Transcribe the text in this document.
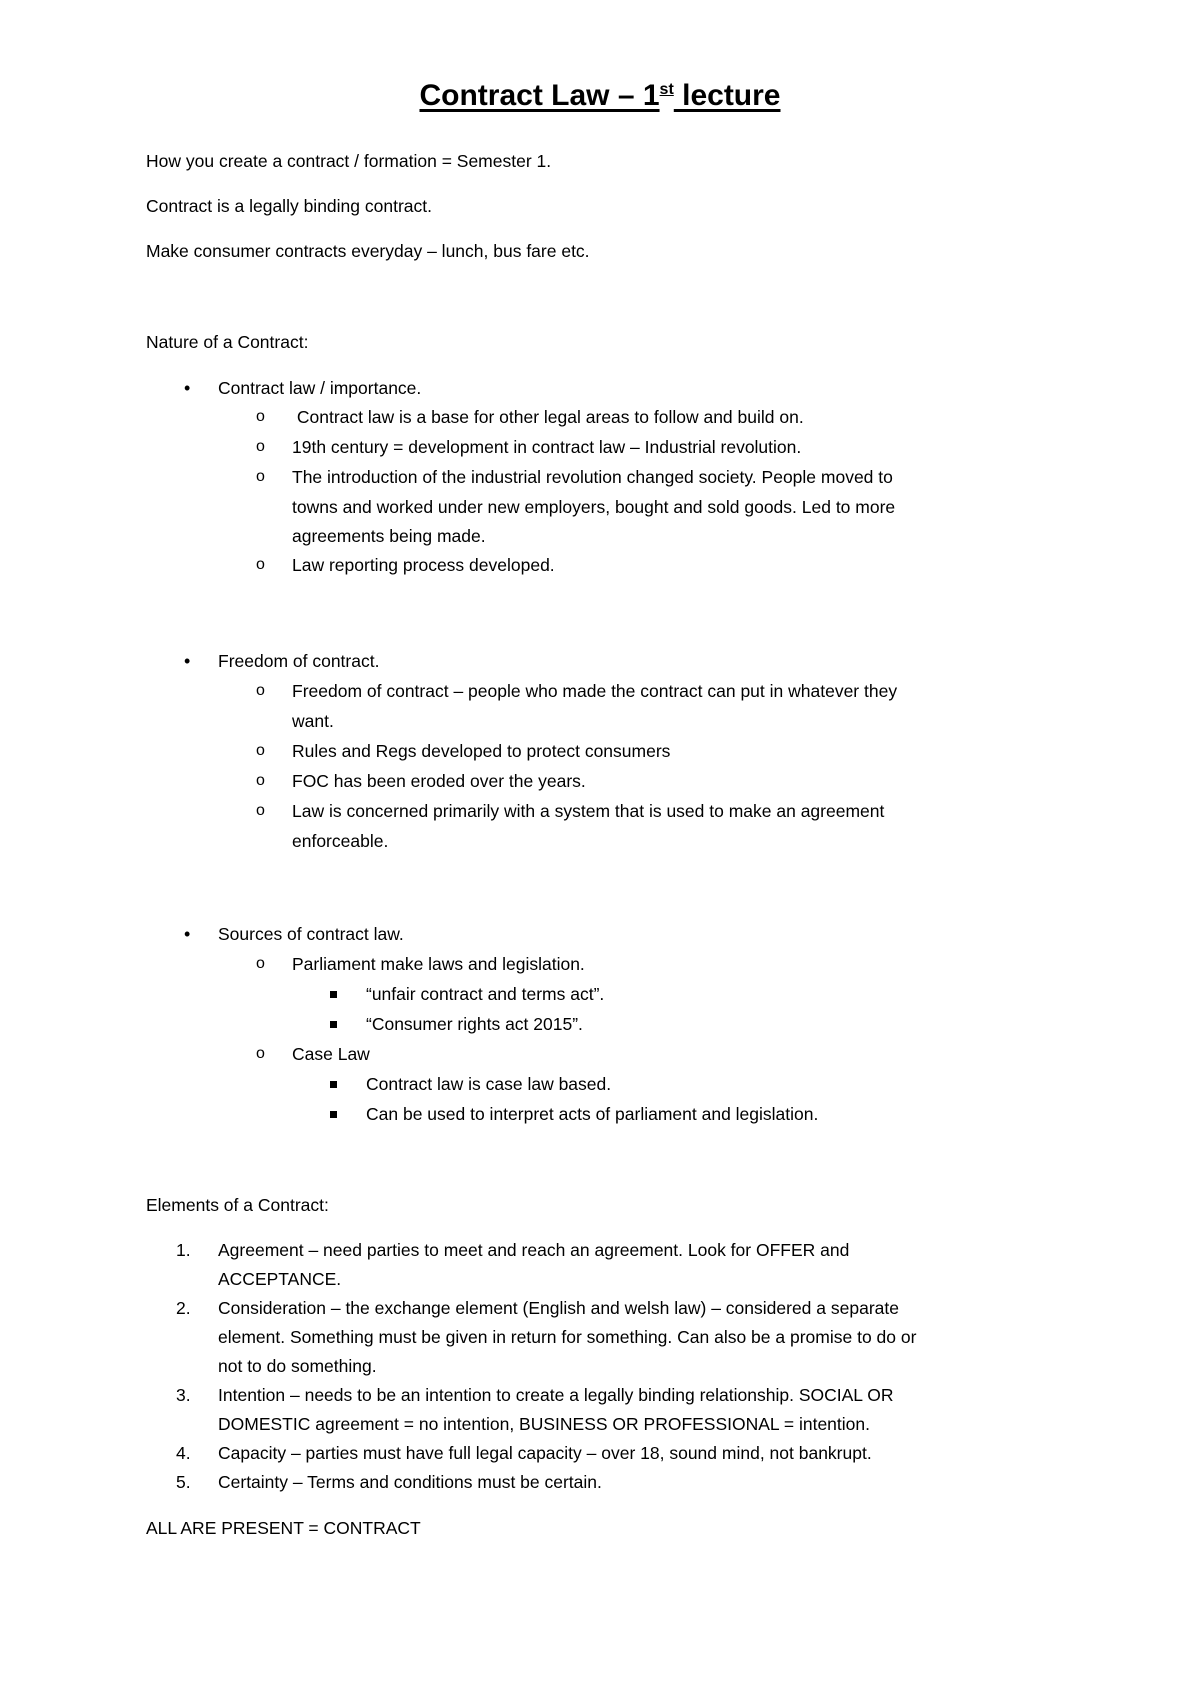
Contract Law – 1st lecture
How you create a contract / formation = Semester 1.
Contract is a legally binding contract.
Make consumer contracts everyday – lunch, bus fare etc.
Nature of a Contract:
• Contract law / importance.
o Contract law is a base for other legal areas to follow and build on.
o 19th century = development in contract law – Industrial revolution.
o The introduction of the industrial revolution changed society. People moved to
towns and worked under new employers, bought and sold goods. Led to more
agreements being made.
o Law reporting process developed.
• Freedom of contract.
o Freedom of contract – people who made the contract can put in whatever they
want.
o Rules and Regs developed to protect consumers
o FOC has been eroded over the years.
o Law is concerned primarily with a system that is used to make an agreement
enforceable.
• Sources of contract law.
o Parliament make laws and legislation.
“unfair contract and terms act”.
“Consumer rights act 2015”.
o Case Law
Contract law is case law based.
Can be used to interpret acts of parliament and legislation.
Elements of a Contract:
1. Agreement – need parties to meet and reach an agreement. Look for OFFER and
ACCEPTANCE.
2. Consideration – the exchange element (English and welsh law) – considered a separate
element. Something must be given in return for something. Can also be a promise to do or
not to do something.
3. Intention – needs to be an intention to create a legally binding relationship. SOCIAL OR
DOMESTIC agreement = no intention, BUSINESS OR PROFESSIONAL = intention.
4. Capacity – parties must have full legal capacity – over 18, sound mind, not bankrupt.
5. Certainty – Terms and conditions must be certain.
ALL ARE PRESENT = CONTRACT
